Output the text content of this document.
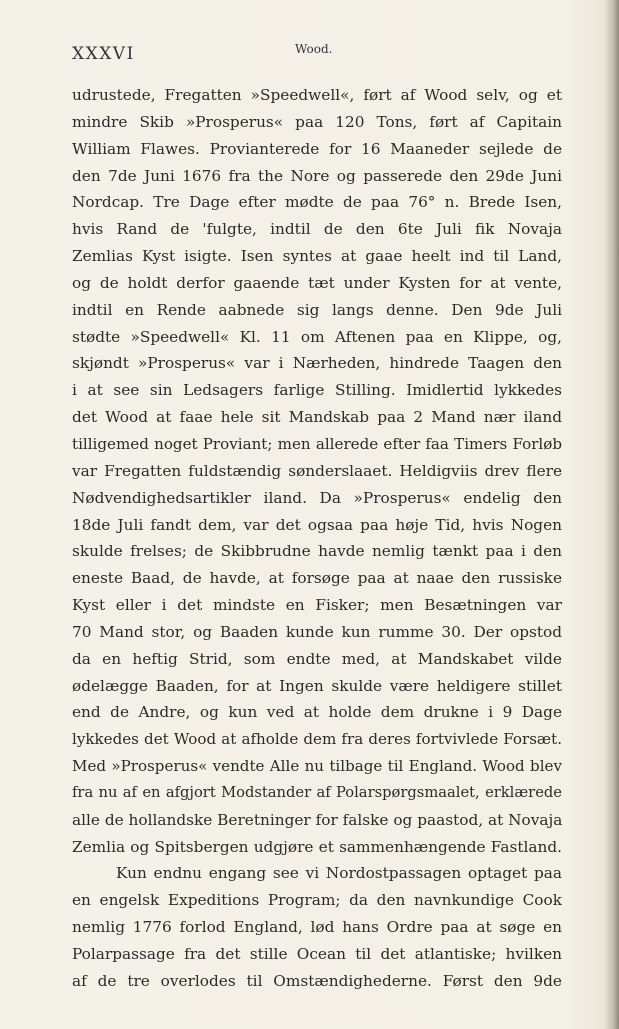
XXXVI	Wood.
udrustede, Fregatten »Speedwell«, ført af Wood selv, og et
mindre Skib »Prosperus« paa 120 Tons, ført af Capitain
William Flawes. Provianterede for 16 Maaneder sejlede de
den 7de Juni 1676 fra the Nore og passerede den 29de Juni
Nordcap. Tre Dage efter mødte de paa 76° n. Brede Isen,
hvis Rand de 'fulgte, indtil de den 6te Juli fik Novaja
Zemlias Kyst isigte. Isen syntes at gaae heelt ind til Land,
og de holdt derfor gaaende tæt under Kysten for at vente,
indtil en Rende aabnede sig langs denne. Den 9de Juli
stødte »Speedwell« Kl. 11 om Aftenen paa en Klippe, og,
skjøndt »Prosperus« var i Nærheden, hindrede Taagen den
i at see sin Ledsagers farlige Stilling. Imidlertid lykkedes
det Wood at faae hele sit Mandskab paa 2 Mand nær iland
tilligemed noget Proviant; men allerede efter faa Timers Forløb
var Fregatten fuldstændig sønderslaaet. Heldigviis drev flere
Nødvendighedsartikler iland. Da »Prosperus« endelig den
18de Juli fandt dem, var det ogsaa paa høje Tid, hvis Nogen
skulde frelses; de Skibbrudne havde nemlig tænkt paa i den
eneste Baad, de havde, at forsøge paa at naae den russiske
Kyst eller i det mindste en Fisker; men Besætningen var
70 Mand stor, og Baaden kunde kun rumme 30. Der opstod
da en heftig Strid, som endte med, at Mandskabet vilde
ødelægge Baaden, for at Ingen skulde være heldigere stillet
end de Andre, og kun ved at holde dem drukne i 9 Dage
lykkedes det Wood at afholde dem fra deres fortvivlede Forsæt.
Med »Prosperus« vendte Alle nu tilbage til England. Wood blev
fra nu af en afgjort Modstander af Polarspørgsmaalet, erklærede
alle de hollandske Beretninger for falske og paastod, at Novaja
Zemlia og Spitsbergen udgjøre et sammenhængende Fastland.
Kun endnu engang see vi Nordostpassagen optaget paa
en engelsk Expeditions Program; da den navnkundige Cook
nemlig 1776 forlod England, lød hans Ordre paa at søge en
Polarpassage fra det stille Ocean til det atlantiske; hvilken
af de tre overlodes til Omstændighederne. Først den 9de
